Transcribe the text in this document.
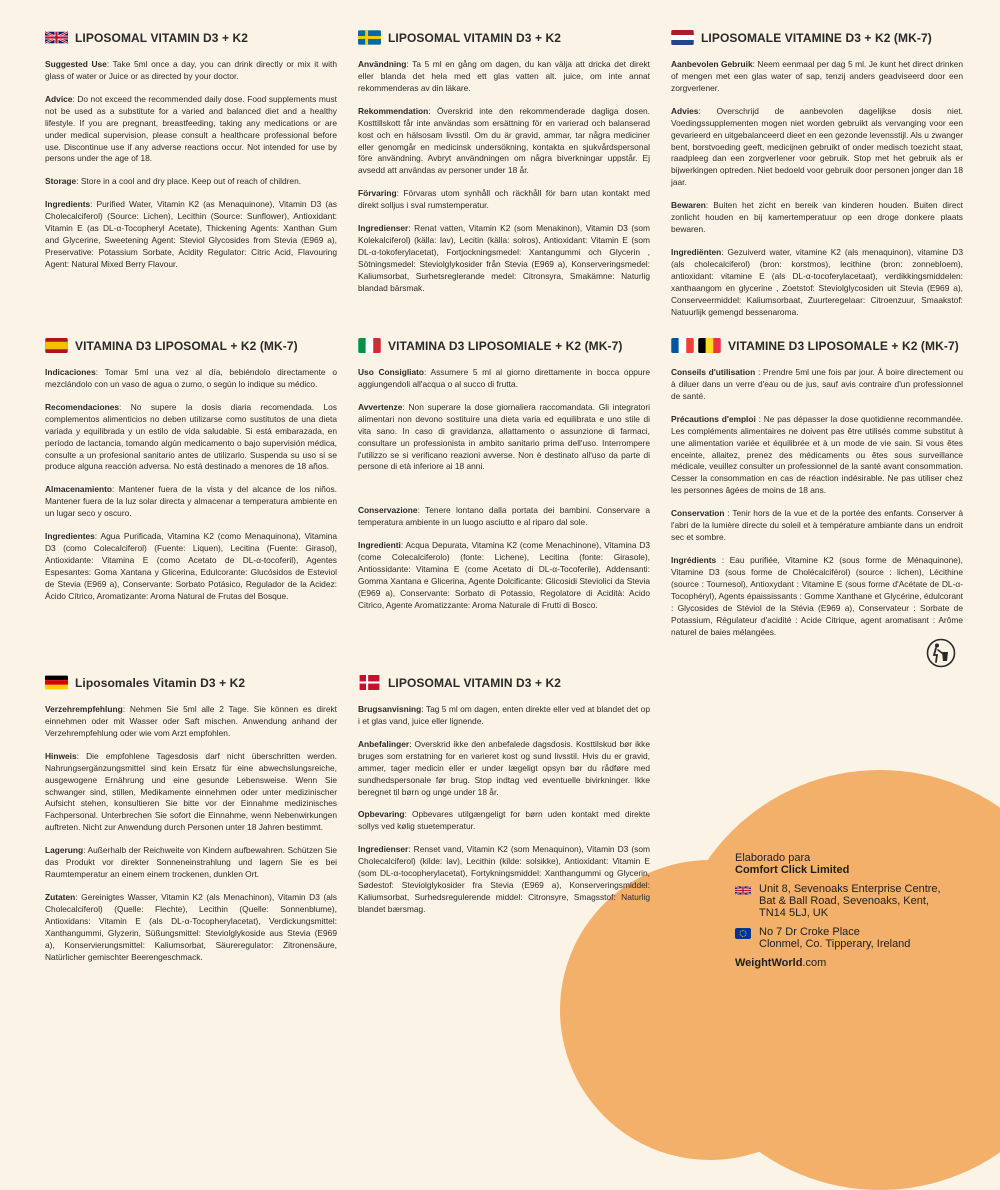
LIPOSOMAL VITAMIN D3 + K2

Suggested Use: Take 5ml once a day, you can drink directly or mix it with glass of water or Juice or as directed by your doctor.

Advice: Do not exceed the recommended daily dose. Food supplements must not be used as a substitute for a varied and balanced diet and a healthy lifestyle. If you are pregnant, breastfeeding, taking any medications or are under medical supervision, please consult a healthcare professional before use. Discontinue use if any adverse reactions occur. Not intended for use by persons under the age of 18.

Storage: Store in a cool and dry place. Keep out of reach of children.

Ingredients: Purified Water, Vitamin K2 (as Menaquinone), Vitamin D3 (as Cholecalciferol) (Source: Lichen), Lecithin (Source: Sunflower), Antioxidant: Vitamin E (as DL-α-Tocopheryl Acetate), Thickening Agents: Xanthan Gum and Glycerine, Sweetening Agent: Steviol Glycosides from Stevia (E969 a), Preservative: Potassium Sorbate, Acidity Regulator: Citric Acid, Flavouring Agent: Natural Mixed Berry Flavour.

LIPOSOMAL VITAMIN D3 + K2

Användning: Ta 5 ml en gång om dagen, du kan välja att dricka det direkt eller blanda det hela med ett glas vatten alt. juice, om inte annat rekommenderas av din läkare.

Rekommendation: Överskrid inte den rekommenderade dagliga dosen. Kosttillskott får inte användas som ersättning för en varierad och balanserad kost och en hälsosam livsstil. Om du är gravid, ammar, tar några mediciner eller genomgår en medicinsk undersökning, kontakta en sjukvårdspersonal före användning. Avbryt användningen om några biverkningar uppstår. Ej avsedd att användas av personer under 18 år.

Förvaring: Förvaras utom synhåll och räckhåll för barn utan kontakt med direkt solljus i sval rumstemperatur.

Ingredienser: Renat vatten, Vitamin K2 (som Menakinon), Vitamin D3 (som Kolekalciferol) (källa: lav), Lecitin (källa: solros), Antioxidant: Vitamin E (som DL-α-tokoferylacetat), Fortjockningsmedel: Xantangummi och Glycerin , Sötningsmedel: Steviolglykosider från Stevia (E969 a), Konserveringsmedel: Kaliumsorbat, Surhetsreglerande medel: Citronsyra, Smakämne: Naturlig blandad bärsmak.

LIPOSOMALE VITAMINE D3 + K2 (MK-7)

Aanbevolen Gebruik: Neem eenmaal per dag 5 ml. Je kunt het direct drinken of mengen met een glas water of sap, tenzij anders geadviseerd door een zorgverlener.

Advies: Overschrijd de aanbevolen dagelijkse dosis niet. Voedingssupplementen mogen niet worden gebruikt als vervanging voor een gevarieerd en uitgebalanceerd dieet en een gezonde levensstijl. Als u zwanger bent, borstvoeding geeft, medicijnen gebruikt of onder medisch toezicht staat, raadpleeg dan een zorgverlener voor gebruik. Stop met het gebruik als er bijwerkingen optreden. Niet bedoeld voor gebruik door personen jonger dan 18 jaar.

Bewaren: Buiten het zicht en bereik van kinderen houden. Buiten direct zonlicht houden en bij kamertemperatuur op een droge donkere plaats bewaren.

Ingrediënten: Gezuiverd water, vitamine K2 (als menaquinon), vitamine D3 (als cholecalciferol) (bron: korstmos), lecithine (bron: zonnebloem), antioxidant: vitamine E (als DL-α-tocoferylacetaat), verdikkingsmiddelen: xanthaangom en glycerine , Zoetstof: Steviolglycosiden uit Stevia (E969 a), Conserveermiddel: Kaliumsorbaat, Zuurteregelaar: Citroenzuur, Smaakstof: Natuurlijk gemengd bessenaroma.

VITAMINA D3 LIPOSOMAL + K2 (MK-7)

Indicaciones: Tomar 5ml una vez al día, bebiéndolo directamente o mezclándolo con un vaso de agua o zumo, o según lo indique su médico.

Recomendaciones: No supere la dosis diaria recomendada. Los complementos alimenticios no deben utilizarse como sustitutos de una dieta variada y equilibrada y un estilo de vida saludable. Si está embarazada, en período de lactancia, tomando algún medicamento o bajo supervisión médica, consulte a un profesional sanitario antes de utilizarlo. Suspenda su uso si se produce alguna reacción adversa. No está destinado a menores de 18 años.

Almacenamiento: Mantener fuera de la vista y del alcance de los niños. Mantener fuera de la luz solar directa y almacenar a temperatura ambiente en un lugar seco y oscuro.

Ingredientes: Agua Purificada, Vitamina K2 (como Menaquinona), Vitamina D3 (como Colecalciferol) (Fuente: Liquen), Lecitina (Fuente: Girasol), Antioxidante: Vitamina E (como Acetato de DL-α-tocoferil), Agentes Espesantes: Goma Xantana y Glicerina, Edulcorante: Glucósidos de Esteviol de Stevia (E969 a), Conservante: Sorbato Potásico, Regulador de la Acidez: Ácido Cítrico, Aromatizante: Aroma Natural de Frutas del Bosque.

VITAMINA D3 LIPOSOMIALE + K2 (MK-7)

Uso Consigliato: Assumere 5 ml al giorno direttamente in bocca oppure aggiungendoli all'acqua o al succo di frutta.

Avvertenze: Non superare la dose giornaliera raccomandata. Gli integratori alimentari non devono sostituire una dieta varia ed equilibrata e uno stile di vita sano. In caso di gravidanza, allattamento o assunzione di farmaci, consultare un professionista in ambito sanitario prima dell'uso. Interrompere l'utilizzo se si verificano reazioni avverse. Non è destinato all'uso da parte di persone di età inferiore ai 18 anni.

Conservazione: Tenere lontano dalla portata dei bambini. Conservare a temperatura ambiente in un luogo asciutto e al riparo dal sole.

Ingredienti: Acqua Depurata, Vitamina K2 (come Menachinone), Vitamina D3 (come Colecalciferolo) (fonte: Lichene), Lecitina (fonte: Girasole), Antiossidante: Vitamina E (come Acetato di DL-α-Tocoferile), Addensanti: Gomma Xantana e Glicerina, Agente Dolcificante: Glicosidi Steviolici da Stevia (E969 a), Conservante: Sorbato di Potassio, Regolatore di Acidità: Acido Citrico, Agente Aromatizzante: Aroma Naturale di Frutti di Bosco.

VITAMINE D3 LIPOSOMALE + K2 (MK-7)

Conseils d'utilisation : Prendre 5ml une fois par jour. À boire directement ou à diluer dans un verre d'eau ou de jus, sauf avis contraire d'un professionnel de santé.

Précautions d'emploi : Ne pas dépasser la dose quotidienne recommandée. Les compléments alimentaires ne doivent pas être utilisés comme substitut à une alimentation variée et équilibrée et à un mode de vie sain. Si vous êtes enceinte, allaitez, prenez des médicaments ou êtes sous surveillance médicale, veuillez consulter un professionnel de la santé avant consommation. Cesser la consommation en cas de réaction indésirable. Ne pas utiliser chez les personnes âgées de moins de 18 ans.

Conservation : Tenir hors de la vue et de la portée des enfants. Conserver à l'abri de la lumière directe du soleil et à température ambiante dans un endroit sec et sombre.

Ingrédients : Eau purifiée, Vitamine K2 (sous forme de Ménaquinone), Vitamine D3 (sous forme de Cholécalciférol) (source : lichen), Lécithine (source : Tournesol), Antioxydant : Vitamine E (sous forme d'Acétate de DL-α-Tocophéryl), Agents épaississants : Gomme Xanthane et Glycérine, édulcorant : Glycosides de Stéviol de la Stévia (E969 a), Conservateur : Sorbate de Potassium, Régulateur d'acidité : Acide Citrique, agent aromatisant : Arôme naturel de baies mélangées.

Liposomales Vitamin D3 + K2

Verzehrempfehlung: Nehmen Sie 5ml alle 2 Tage. Sie können es direkt einnehmen oder mit Wasser oder Saft mischen. Anwendung anhand der Verzehrempfehlung oder wie vom Arzt empfohlen.

Hinweis: Die empfohlene Tagesdosis darf nicht überschritten werden. Nahrungsergänzungsmittel sind kein Ersatz für eine abwechslungsreiche, ausgewogene Ernährung und eine gesunde Lebensweise. Wenn Sie schwanger sind, stillen, Medikamente einnehmen oder unter medizinischer Aufsicht stehen, konsultieren Sie bitte vor der Einnahme medizinisches Fachpersonal. Unterbrechen Sie sofort die Einnahme, wenn Nebenwirkungen auftreten. Nicht zur Anwendung durch Personen unter 18 Jahren bestimmt.

Lagerung: Außerhalb der Reichweite von Kindern aufbewahren. Schützen Sie das Produkt vor direkter Sonneneinstrahlung und lagern Sie es bei Raumtemperatur an einem einem trockenen, dunklen Ort.

Zutaten: Gereinigtes Wasser, Vitamin K2 (als Menachinon), Vitamin D3 (als Cholecalciferol) (Quelle: Flechte), Lecithin (Quelle: Sonnenblume), Antioxidans: Vitamin E (als DL-α-Tocopherylacetat), Verdickungsmittel: Xanthangummi, Glyzerin, Süßungsmittel: Steviolglykoside aus Stevia (E969 a), Konservierungsmittel: Kaliumsorbat, Säureregulator: Zitronensäure, Natürlicher gemischter Beerengeschmack.

LIPOSOMAL VITAMIN D3 + K2

Brugsanvisning: Tag 5 ml om dagen, enten direkte eller ved at blandet det op i et glas vand, juice eller lignende.

Anbefalinger: Overskrid ikke den anbefalede dagsdosis. Kosttilskud bør ikke bruges som erstatning for en varieret kost og sund livsstil. Hvis du er gravid, ammer, tager medicin eller er under lægeligt opsyn bør du rådføre med sundhedspersonale før brug. Stop indtag ved eventuelle bivirkninger. Ikke beregnet til børn og unge under 18 år.

Opbevaring: Opbevares utilgængeligt for børn uden kontakt med direkte sollys ved kølig stuetemperatur.

Ingredienser: Renset vand, Vitamin K2 (som Menaquinon), Vitamin D3 (som Cholecalciferol) (kilde: lav), Lecithin (kilde: solsikke), Antioxidant: Vitamin E (som DL-α-tocopherylacetat), Fortykningsmiddel: Xanthangummi og Glycerin, Sødestof: Steviolglykosider fra Stevia (E969 a), Konserveringsmiddel: Kaliumsorbat, Surhedsregulerende middel: Citronsyre, Smagsstof: Naturlig blandet bærsmag.

Elaborado para
Comfort Click Limited
Unit 8, Sevenoaks Enterprise Centre,
Bat & Ball Road, Sevenoaks, Kent,
TN14 5LJ, UK
No 7 Dr Croke Place
Clonmel, Co. Tipperary, Ireland
WeightWorld.com
